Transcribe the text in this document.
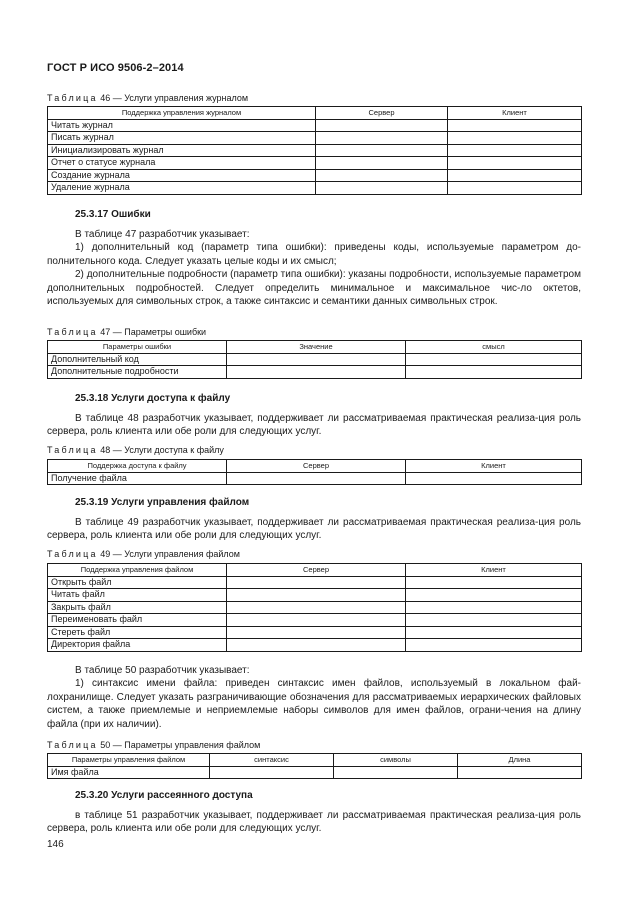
ГОСТ Р ИСО 9506-2–2014
Таблица 46 — Услуги управления журналом
Поддержка управления журналом	Сервер	Клиент
Читать журнал		
Писать журнал		
Инициализировать журнал		
Отчет о статусе журнала		
Создание журнала		
Удаление журнала		
25.3.17 Ошибки

В таблице 47 разработчик указывает:

1) дополнительный код (параметр типа ошибки): приведены коды, используемые параметром до-полнительного кода. Следует указать целые коды и их смысл;

2) дополнительные подробности (параметр типа ошибки): указаны подробности, используемые параметром дополнительных подробностей. Следует определить минимальное и максимальное чис-ло октетов, используемых для символьных строк, а также синтаксис и семантики данных символьных строк.

Таблица 47 — Параметры ошибки
Параметры ошибки	Значение	смысл
Дополнительный код		
Дополнительные подробности		
25.3.18 Услуги доступа к файлу

В таблице 48 разработчик указывает, поддерживает ли рассматриваемая практическая реализа-ция роль сервера, роль клиента или обе роли для следующих услуг.

Таблица 48 — Услуги доступа к файлу
Поддержка доступа к файлу	Сервер	Клиент
Получение файла		
25.3.19 Услуги управления файлом

В таблице 49 разработчик указывает, поддерживает ли рассматриваемая практическая реализа-ция роль сервера, роль клиента или обе роли для следующих услуг.

Таблица 49 — Услуги управления файлом
Поддержка управления файлом	Сервер	Клиент
Открыть файл		
Читать файл		
Закрыть файл		
Переименовать файл		
Стереть файл		
Директория файла		

В таблице 50 разработчик указывает:

1) синтаксис имени файла: приведен синтаксис имен файлов, используемый в локальном фай-лохранилище. Следует указать разграничивающие обозначения для рассматриваемых иерархических файловых систем, а также приемлемые и неприемлемые наборы символов для имен файлов, ограни-чения на длину файла (при их наличии).

Таблица 50 — Параметры управления файлом
Параметры управления файлом	синтаксис	символы	Длина
Имя файла			
25.3.20 Услуги рассеянного доступа

в таблице 51 разработчик указывает, поддерживает ли рассматриваемая практическая реализа-ция роль сервера, роль клиента или обе роли для следующих услуг.

146
